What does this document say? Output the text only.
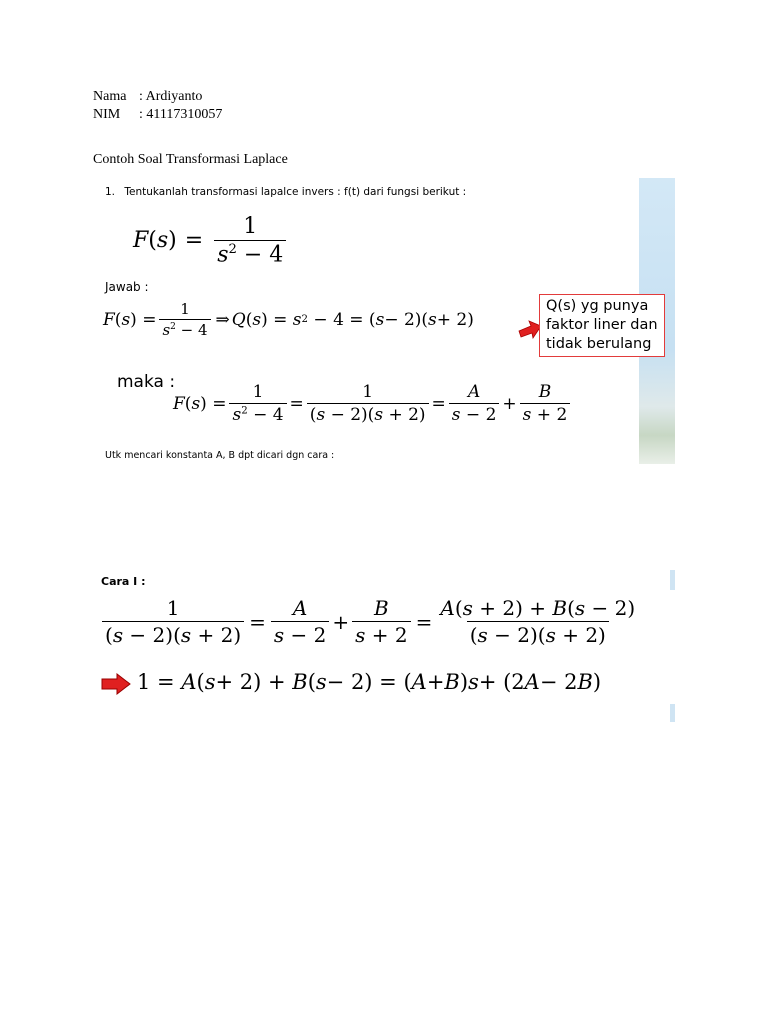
Nama : Ardiyanto
NIM	: 41117310057
Contoh Soal Transformasi Laplace
1. Tentukanlah transformasi lapalce invers : f(t) dari fungsi berikut :
F ( s ) = $\frac{1}{s^2 - 4}$
Jawab :
F ( s ) = $\frac{1}{s^2 - 4}$ ⇒ Q ( s ) = s 2 − 4 = ( s − 2)( s + 2)
Q(s) yg punya
faktor liner dan
tidak berulang
maka :
F ( s ) = $\frac{1}{s^2 - 4} = \frac{1}{(s - 2)(s + 2)} = \frac{A}{s - 2} + \frac{B}{s + 2}$
Utk mencari konstanta A, B dpt dicari dgn cara :
Cara I :
$\frac{1}{(s - 2)(s + 2)} = \frac{A}{s - 2} + \frac{B}{s + 2} = \frac{A(s + 2) + B(s - 2)}{(s - 2)(s + 2)}$
1 = A ( s + 2) + B ( s − 2) = ( A + B ) s + (2 A − 2 B )
